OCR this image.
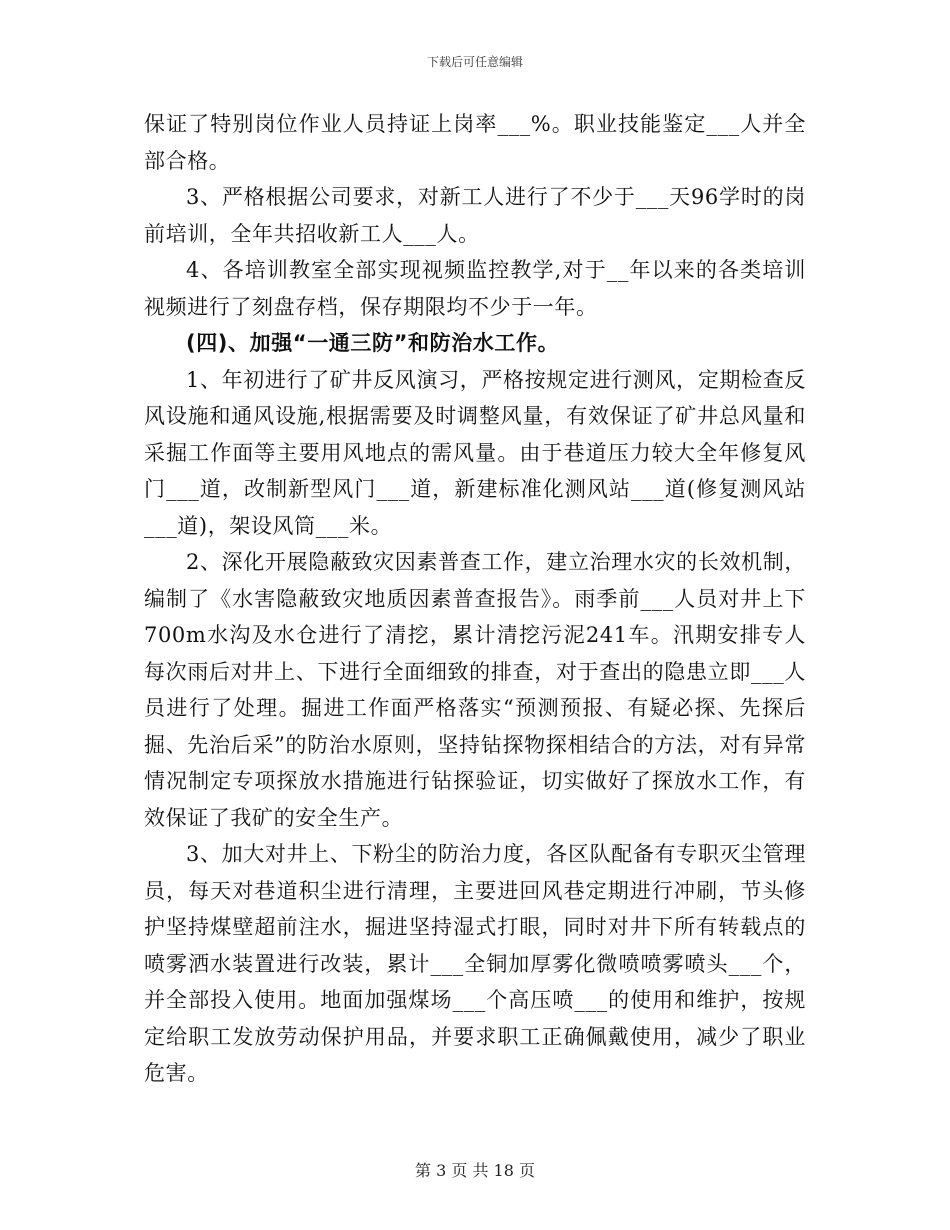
下载后可任意编辑

保证了特别岗位作业人员持证上岗率___%。职业技能鉴定___人并全部合格。

3、严格根据公司要求，对新工人进行了不少于___天96学时的岗前培训，全年共招收新工人___人。

4、各培训教室全部实现视频监控教学,对于__年以来的各类培训视频进行了刻盘存档，保存期限均不少于一年。

(四)、加强“一通三防”和防治水工作。

1、年初进行了矿井反风演习，严格按规定进行测风，定期检查反风设施和通风设施,根据需要及时调整风量，有效保证了矿井总风量和采掘工作面等主要用风地点的需风量。由于巷道压力较大全年修复风门___道，改制新型风门___道，新建标准化测风站___道(修复测风站___道)，架设风筒___米。

2、深化开展隐蔽致灾因素普查工作，建立治理水灾的长效机制，编制了《水害隐蔽致灾地质因素普查报告》。雨季前___人员对井上下700m水沟及水仓进行了清挖，累计清挖污泥241车。汛期安排专人每次雨后对井上、下进行全面细致的排查，对于查出的隐患立即___人员进行了处理。掘进工作面严格落实“预测预报、有疑必探、先探后掘、先治后采”的防治水原则，坚持钻探物探相结合的方法，对有异常情况制定专项探放水措施进行钻探验证，切实做好了探放水工作，有效保证了我矿的安全生产。

3、加大对井上、下粉尘的防治力度，各区队配备有专职灭尘管理员，每天对巷道积尘进行清理，主要进回风巷定期进行冲刷，节头修护坚持煤壁超前注水，掘进坚持湿式打眼，同时对井下所有转载点的喷雾洒水装置进行改装，累计___全铜加厚雾化微喷喷雾喷头___个，并全部投入使用。地面加强煤场___个高压喷___的使用和维护，按规定给职工发放劳动保护用品，并要求职工正确佩戴使用，减少了职业危害。

第 3 页 共 18 页
